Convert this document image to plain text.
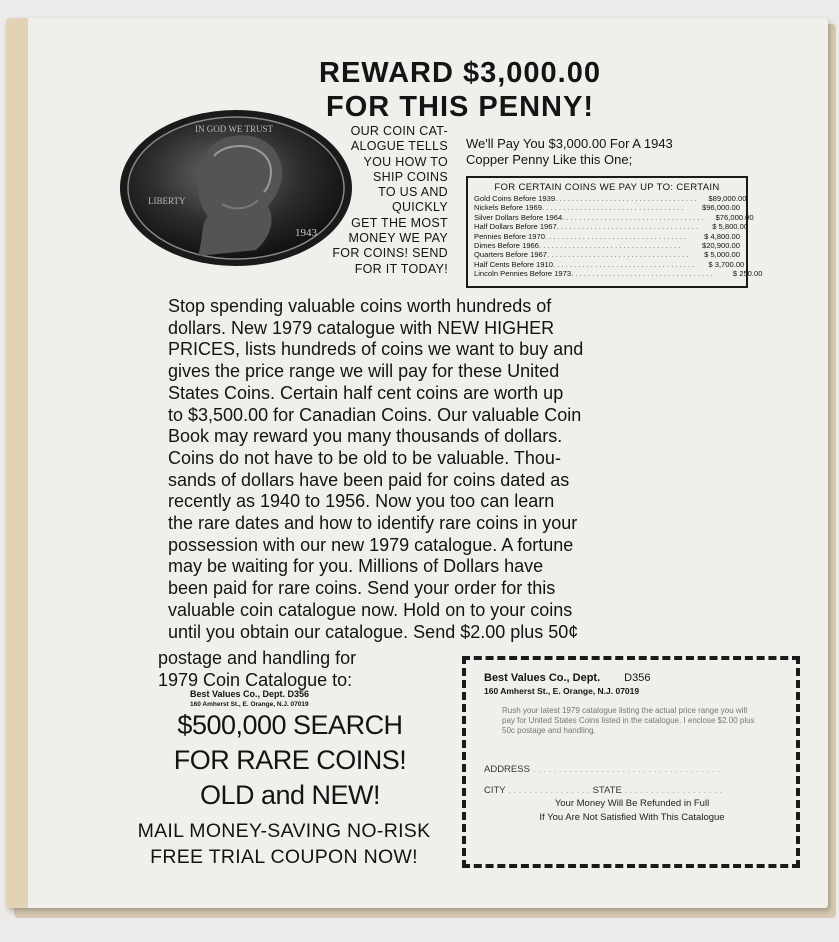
REWARD $3,000.00
FOR THIS PENNY!
IN GOD WE TRUST
LIBERTY
1943
OUR COIN CAT-
ALOGUE TELLS
YOU HOW TO
SHIP COINS
TO US AND
QUICKLY
GET THE MOST
MONEY WE PAY
FOR COINS! SEND
FOR IT TODAY!
We'll Pay You $3,000.00 For A 1943
Copper Penny Like this One;
FOR CERTAIN COINS WE PAY UP TO: CERTAIN
Gold Coins Before 1939 . . . . . . . . . . . . . . . . . . . . . . . . . . . . . . . . . .	$89,000.00
Nickels Before 1969 . . . . . . . . . . . . . . . . . . . . . . . . . . . . . . . . . .	$96,000.00
Silver Dollars Before 1964 . . . . . . . . . . . . . . . . . . . . . . . . . . . . . . . . . .	$76,000.00
Half Dollars Before 1967 . . . . . . . . . . . . . . . . . . . . . . . . . . . . . . . . . .	$ 5,800.00
Pennies Before 1970 . . . . . . . . . . . . . . . . . . . . . . . . . . . . . . . . . .	$ 4,800.00
Dimes Before 1966 . . . . . . . . . . . . . . . . . . . . . . . . . . . . . . . . . .	$20,900.00
Quarters Before 1967 . . . . . . . . . . . . . . . . . . . . . . . . . . . . . . . . . .	$ 5,000.00
Half Cents Before 1910 . . . . . . . . . . . . . . . . . . . . . . . . . . . . . . . . . .	$ 3,700.00
Lincoln Pennies Before 1973 . . . . . . . . . . . . . . . . . . . . . . . . . . . . . . . . . .	$ 250.00
Stop spending valuable coins worth hundreds of
dollars. New 1979 catalogue with NEW HIGHER
PRICES, lists hundreds of coins we want to buy and
gives the price range we will pay for these United
States Coins. Certain half cent coins are worth up
to $3,500.00 for Canadian Coins. Our valuable Coin
Book may reward you many thousands of dollars.
Coins do not have to be old to be valuable. Thou-
sands of dollars have been paid for coins dated as
recently as 1940 to 1956. Now you too can learn
the rare dates and how to identify rare coins in your
possession with our new 1979 catalogue. A fortune
may be waiting for you. Millions of Dollars have
been paid for rare coins. Send your order for this
valuable coin catalogue now. Hold on to your coins
until you obtain our catalogue. Send $2.00 plus 50¢
postage and handling for
1979 Coin Catalogue to:
Best Values Co., Dept. D356
160 Amherst St., E. Orange, N.J. 07019
$500,000 SEARCH
FOR RARE COINS!
OLD and NEW!
MAIL MONEY-SAVING NO-RISK
FREE TRIAL COUPON NOW!
Best Values Co., Dept. D356
160 Amherst St., E. Orange, N.J. 07019
Rush your latest 1979 catalogue listing the actual price range you will pay for United States Coins listed in the catalogue. I enclose $2.00 plus 50c postage and handling.
ADDRESS . . . . . . . . . . . . . . . . . . . . . . . . . . . . . . . . . . . .
CITY . . . . . . . . . . . . . . . . STATE . . . . . . . . . . . . . . . . . . .
Your Money Will Be Refunded in Full
If You Are Not Satisfied With This Catalogue
